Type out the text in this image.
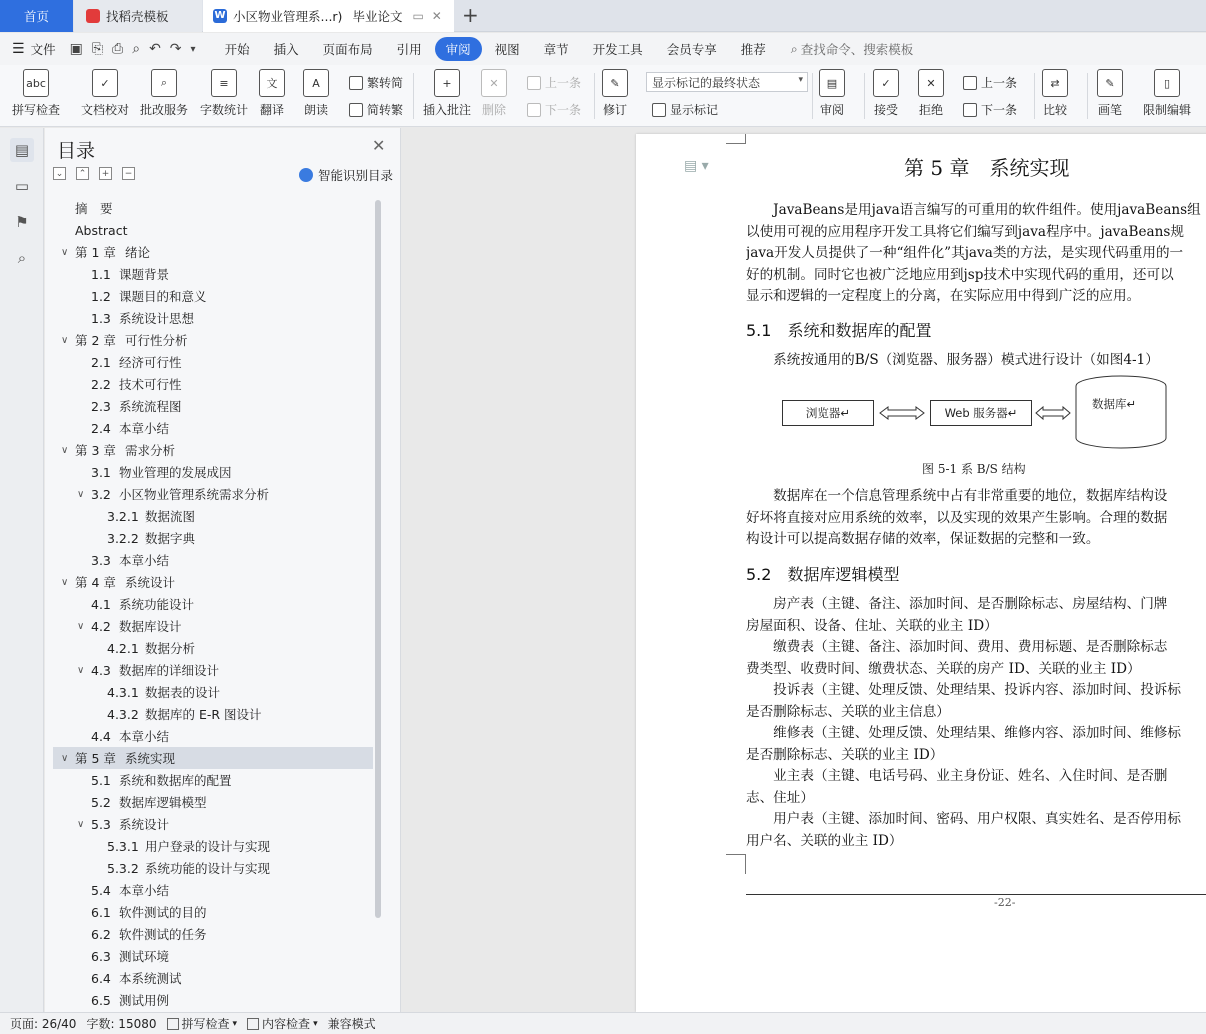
首页	找稻壳模板	W 小区物业管理系...r) 毕业论文 ▭ ✕ +
☰ 文件 ▣ ⎘ ⎙ ⌕ ↶ ↷ ▾	开始	插入	页面布局	引用	审阅	视图	章节	开发工具	会员专享	推荐	⌕ 查找命令、搜索模板
abc
拼写检查
✓
文档校对
⌕
批改服务
≡
字数统计
文
翻译
A
朗读
繁转简
简转繁
+
插入批注
✕
删除
上一条
下一条
✎
修订
显示标记的最终状态	▾
显示标记
▤
审阅
✓
接受
✕
拒绝
上一条
下一条
⇄
比较
✎
画笔
▯
限制编辑
▤
▭
⚑
⌕
目录	✕
⌄	⌃	+	−	智能识别目录
摘　要
Abstract
∨ 第 1 章 绪论
1.1 课题背景
1.2 课题目的和意义
1.3 系统设计思想
∨ 第 2 章 可行性分析
2.1 经济可行性
2.2 技术可行性
2.3 系统流程图
2.4 本章小结
∨ 第 3 章 需求分析
3.1 物业管理的发展成因
∨ 3.2 小区物业管理系统需求分析
3.2.1 数据流图
3.2.2 数据字典
3.3 本章小结
∨ 第 4 章 系统设计
4.1 系统功能设计
∨ 4.2 数据库设计
4.2.1 数据分析
∨ 4.3 数据库的详细设计
4.3.1 数据表的设计
4.3.2 数据库的 E-R 图设计
4.4 本章小结
∨ 第 5 章 系统实现
5.1 系统和数据库的配置
5.2 数据库逻辑模型
∨ 5.3 系统设计
5.3.1 用户登录的设计与实现
5.3.2 系统功能的设计与实现
5.4 本章小结
6.1 软件测试的目的
6.2 软件测试的任务
6.3 测试环境
6.4 本系统测试
6.5 测试用例
▤ ▾	第 5 章　系统实现
　　JavaBeans是用java语言编写的可重用的软件组件。使用javaBeans组
以使用可视的应用程序开发工具将它们编写到java程序中。javaBeans规
java开发人员提供了一种“组件化”其java类的方法，是实现代码重用的一
好的机制。同时它也被广泛地应用到jsp技术中实现代码的重用，还可以
显示和逻辑的一定程度上的分离，在实际应用中得到广泛的应用。
5.1　系统和数据库的配置
　　系统按通用的B/S（浏览器、服务器）模式进行设计（如图4-1）
浏览器↵	Web 服务器↵
数据库↵
图 5-1 系 B/S 结构
　　数据库在一个信息管理系统中占有非常重要的地位，数据库结构设
好坏将直接对应用系统的效率，以及实现的效果产生影响。合理的数据
构设计可以提高数据存储的效率，保证数据的完整和一致。
5.2　数据库逻辑模型
　　房产表（主键、备注、添加时间、是否删除标志、房屋结构、门牌
房屋面积、设备、住址、关联的业主 ID）
　　缴费表（主键、备注、添加时间、费用、费用标题、是否删除标志
费类型、收费时间、缴费状态、关联的房产 ID、关联的业主 ID）
　　投诉表（主键、处理反馈、处理结果、投诉内容、添加时间、投诉标
是否删除标志、关联的业主信息）
　　维修表（主键、处理反馈、处理结果、维修内容、添加时间、维修标
是否删除标志、关联的业主 ID）
　　业主表（主键、电话号码、业主身份证、姓名、入住时间、是否删
志、住址）
　　用户表（主键、添加时间、密码、用户权限、真实姓名、是否停用标
用户名、关联的业主 ID）
-22-
页面: 26/40 字数: 15080 拼写检查 ▾ 内容检查 ▾ 兼容模式
